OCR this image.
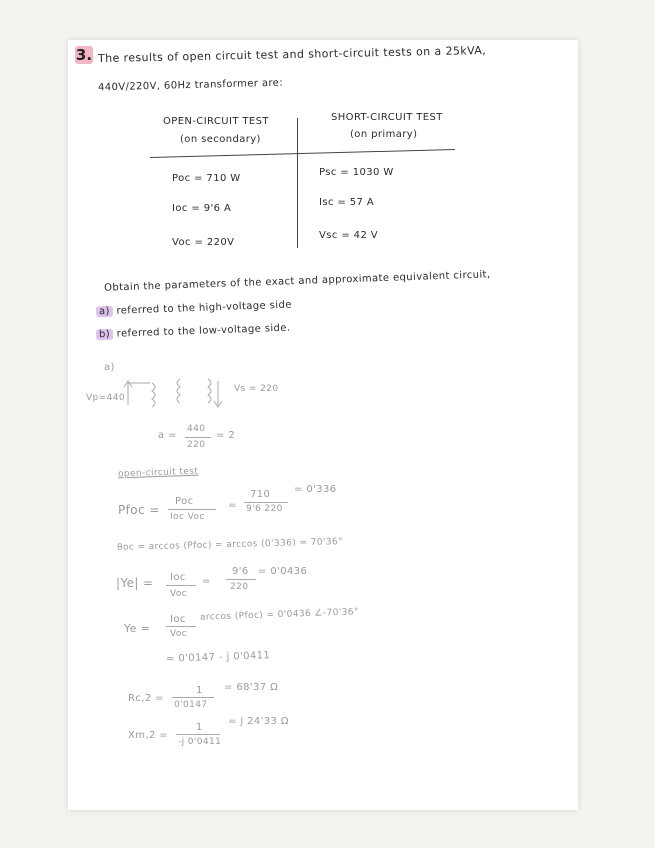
3. The results of open circuit test and short-circuit tests on a 25kVA,
440V/220V, 60Hz transformer are:
OPEN-CIRCUIT TEST
(on secondary)
SHORT-CIRCUIT TEST
(on primary)
Poc = 710 W
Ioc = 9'6 A
Voc = 220V
Psc = 1030 W
Isc = 57 A
Vsc = 42 V
Obtain the parameters of the exact and approximate equivalent circuit,
a) referred to the high-voltage side
b) referred to the low-voltage side.
a)
Vp=440
Vs = 220
a =
440
220
= 2
open-circuit test
Pfoc =
Poc
Ioc Voc
=
710
9'6 220
= 0'336
θoc = arccos (Pfoc) = arccos (0'336) = 70'36°
|Ye| = Ioc
Voc
=
9'6
220
= 0'0436
Ye =
Ioc
Voc
arccos (Pfoc) = 0'0436 ∠-70'36°
= 0'0147 - j 0'0411
Rc,2 =
1
0'0147
= 68'37 Ω
Xm,2 =
1
-j 0'0411
= j 24'33 Ω
